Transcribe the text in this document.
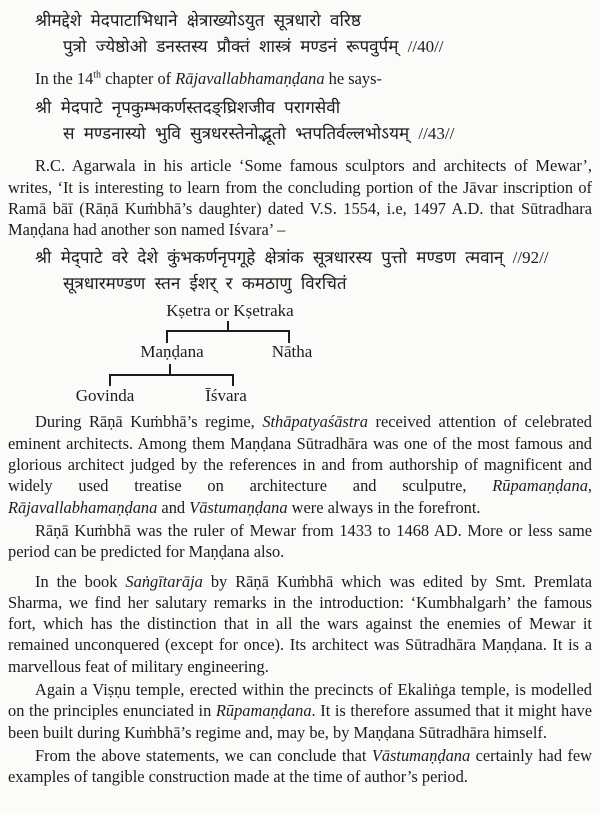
श्रीमद्देशे मेदपाटाभिधाने क्षेत्राख्योऽयुत सूत्रधारो वरिष्ठ
पुत्रो ज्येष्ठोओ डनस्तस्य प्रौक्तं शास्त्रं मण्डनं रूपवुर्पम् //40//

In the 14th chapter of Rājavallabhamaṇḍana he says-

श्री मेदपाटे नृपकुम्भकर्णस्तदङ्घ्रिशजीव परागसेवी
स मण्डनास्यो भुवि सुत्रधरस्तेनोद्भूतो भ्तपतिर्वल्लभोऽयम् //43//

R.C. Agarwala in his article ‘Some famous sculptors and architects of Mewar’, writes, ‘It is interesting to learn from the concluding portion of the Jāvar inscription of Ramā bāī (Rāṇā Kuṁbhā’s daughter) dated V.S. 1554, i.e, 1497 A.D. that Sūtradhara Maṇḍana had another son named Iśvara’ –

श्री मेद्पाटे वरे देशे कुंभकर्णनृपगूहे क्षेत्रांक सूत्रधारस्य पुत्तो मण्डण त्मवान् //92//
सूत्रधारमण्डण स्तन ईशर् र कमठाणु विरचितं
Kṣetra or Kṣetraka
Maṇḍana	Nātha
Govinda	Īśvara

During Rāṇā Kuṁbhā’s regime, Sthāpatyaśāstra received attention of celebrated eminent architects. Among them Maṇḍana Sūtradhāra was one of the most famous and glorious architect judged by the references in and from authorship of magnificent and widely used treatise on architecture and sculputre, Rūpamaṇḍana, Rājavallabhamaṇḍana and Vāstumaṇḍana were always in the forefront.

Rāṇā Kuṁbhā was the ruler of Mewar from 1433 to 1468 AD. More or less same period can be predicted for Maṇḍana also.

In the book Saṅgītarāja by Rāṇā Kuṁbhā which was edited by Smt. Premlata Sharma, we find her salutary remarks in the introduction: ‘Kumbhalgarh’ the famous fort, which has the distinction that in all the wars against the enemies of Mewar it remained unconquered (except for once). Its architect was Sūtradhāra Maṇḍana. It is a marvellous feat of military engineering.

Again a Viṣṇu temple, erected within the precincts of Ekaliṅga temple, is modelled on the principles enunciated in Rūpamaṇḍana. It is therefore assumed that it might have been built during Kuṁbhā’s regime and, may be, by Maṇḍana Sūtradhāra himself.

From the above statements, we can conclude that Vāstumaṇḍana certainly had few examples of tangible construction made at the time of author’s period.
